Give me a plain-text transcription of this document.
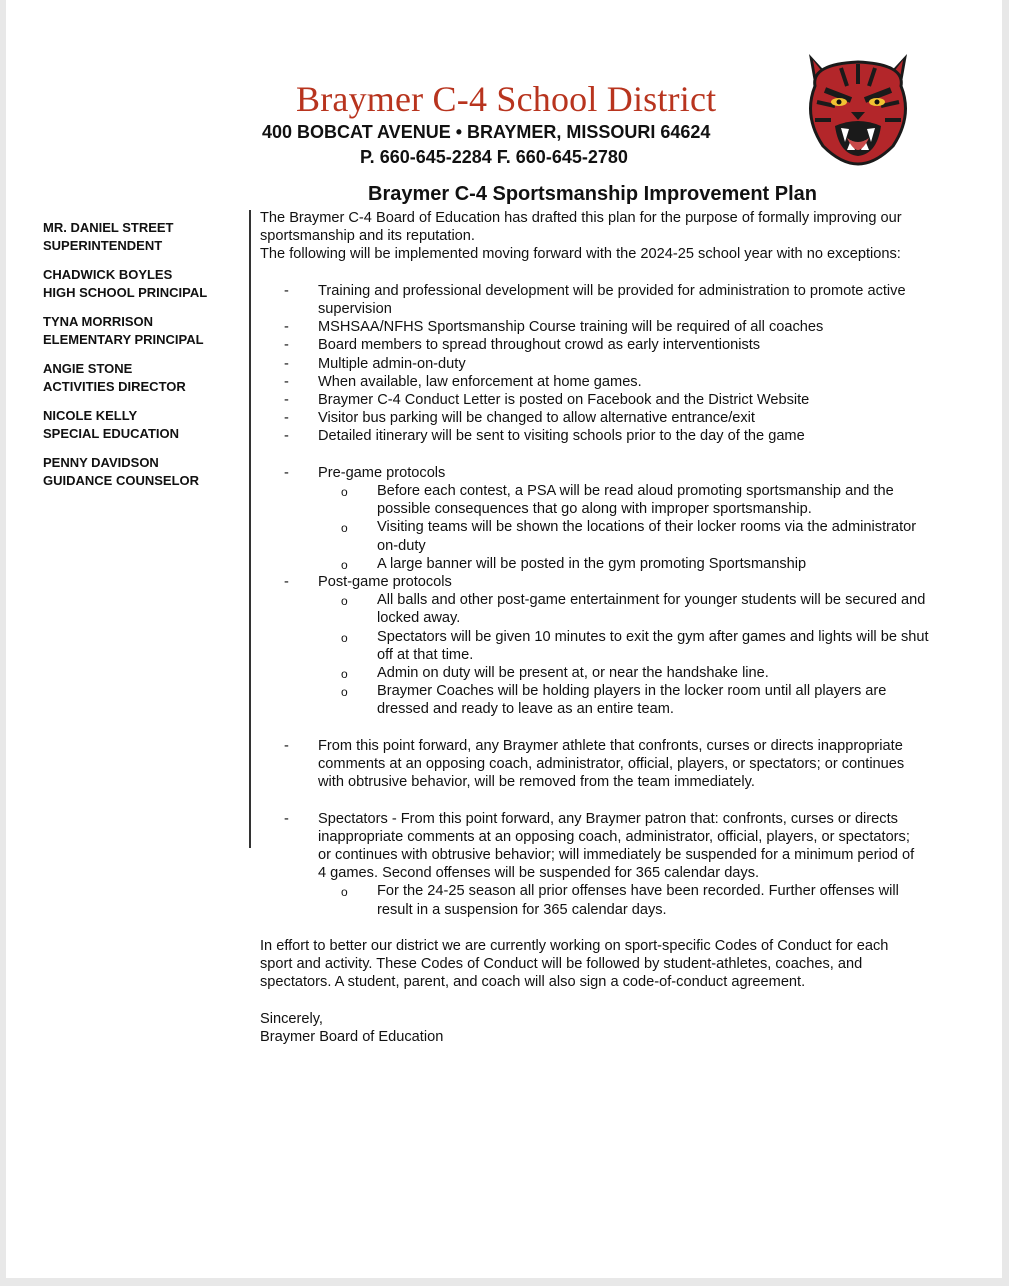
Braymer C-4 School District
400 BOBCAT AVENUE • BRAYMER, MISSOURI 64624
P. 660-645-2284 F. 660-645-2780
Braymer C-4 Sportsmanship Improvement Plan
MR. DANIEL STREET
SUPERINTENDENT
CHADWICK BOYLES
HIGH SCHOOL PRINCIPAL
TYNA MORRISON
ELEMENTARY PRINCIPAL
ANGIE STONE
ACTIVITIES DIRECTOR
NICOLE KELLY
SPECIAL EDUCATION
PENNY DAVIDSON
GUIDANCE COUNSELOR
The Braymer C-4 Board of Education has drafted this plan for the purpose of formally improving our
sportsmanship and its reputation.
The following will be implemented moving forward with the 2024-25 school year with no exceptions:
- Training and professional development will be provided for administration to promote active
supervision
- MSHSAA/NFHS Sportsmanship Course training will be required of all coaches
- Board members to spread throughout crowd as early interventionists
- Multiple admin-on-duty
- When available, law enforcement at home games.
- Braymer C-4 Conduct Letter is posted on Facebook and the District Website
- Visitor bus parking will be changed to allow alternative entrance/exit
- Detailed itinerary will be sent to visiting schools prior to the day of the game
- Pre-game protocols
o Before each contest, a PSA will be read aloud promoting sportsmanship and the
possible consequences that go along with improper sportsmanship.
o Visiting teams will be shown the locations of their locker rooms via the administrator
on-duty
o A large banner will be posted in the gym promoting Sportsmanship
- Post-game protocols
o All balls and other post-game entertainment for younger students will be secured and
locked away.
o Spectators will be given 10 minutes to exit the gym after games and lights will be shut
off at that time.
o Admin on duty will be present at, or near the handshake line.
o Braymer Coaches will be holding players in the locker room until all players are
dressed and ready to leave as an entire team.
- From this point forward, any Braymer athlete that confronts, curses or directs inappropriate
comments at an opposing coach, administrator, official, players, or spectators; or continues
with obtrusive behavior, will be removed from the team immediately.
- Spectators - From this point forward, any Braymer patron that: confronts, curses or directs
inappropriate comments at an opposing coach, administrator, official, players, or spectators;
or continues with obtrusive behavior; will immediately be suspended for a minimum period of
4 games. Second offenses will be suspended for 365 calendar days.
o For the 24-25 season all prior offenses have been recorded. Further offenses will
result in a suspension for 365 calendar days.
In effort to better our district we are currently working on sport-specific Codes of Conduct for each
sport and activity. These Codes of Conduct will be followed by student-athletes, coaches, and
spectators. A student, parent, and coach will also sign a code-of-conduct agreement.
Sincerely,
Braymer Board of Education
